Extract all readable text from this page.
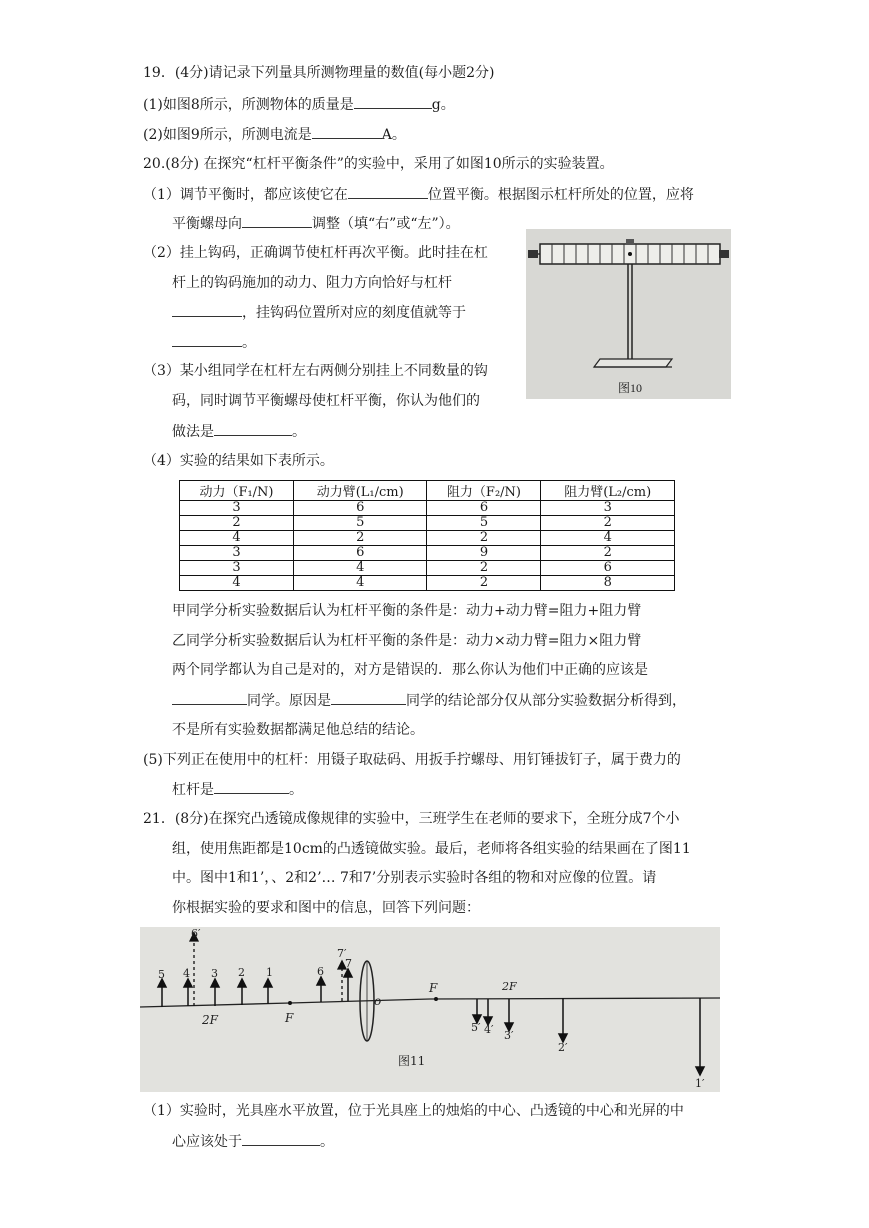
19．(4分)请记录下列量具所测物理量的数值(每小题2分)
(1)如图8所示，所测物体的质量是	g。
(2)如图9所示，所测电流是	A。
20.(8分) 在探究“杠杆平衡条件”的实验中，采用了如图10所示的实验装置。
（1）调节平衡时，都应该使它在	位置平衡。根据图示杠杆所处的位置，应将
平衡螺母向	调整（填“右”或“左”）。
（2）挂上钩码，正确调节使杠杆再次平衡。此时挂在杠
杆上的钩码施加的动力、阻力方向恰好与杠杆
，挂钩码位置所对应的刻度值就等于
。
（3）某小组同学在杠杆左右两侧分别挂上不同数量的钩
码，同时调节平衡螺母使杠杆平衡，你认为他们的
做法是	。
（4）实验的结果如下表所示。
图10
动力（F₁/N)	动力臂(L₁/cm)	阻力（F₂/N)	阻力臂(L₂/cm)
3	6	6	3
2	5	5	2
4	2	2	4
3	6	9	2
3	4	2	6
4	4	2	8
甲同学分析实验数据后认为杠杆平衡的条件是：动力+动力臂=阻力+阻力臂
乙同学分析实验数据后认为杠杆平衡的条件是：动力×动力臂=阻力×阻力臂
两个同学都认为自己是对的，对方是错误的．那么你认为他们中正确的应该是
同学。原因是	同学的结论部分仅从部分实验数据分析得到，
不是所有实验数据都满足他总结的结论。
(5)下列正在使用中的杠杆：用镊子取砝码、用扳手拧螺母、用钉锤拔钉子，属于费力的
杠杆是	。
21．(8分)在探究凸透镜成像规律的实验中，三班学生在老师的要求下，全班分成7个小
组，使用焦距都是10cm的凸透镜做实验。最后，老师将各组实验的结果画在了图11
中。图中1和1’，、2和2’… 7和7’分别表示实验时各组的物和对应像的位置。请
你根据实验的要求和图中的信息，回答下列问题：
o
F
2F
F	2F
1
2
3
4
5	6
7
1′
2′
3′
4′
5′
6′
7′
图11
（1）实验时，光具座水平放置，位于光具座上的烛焰的中心、凸透镜的中心和光屏的中
心应该处于	。
